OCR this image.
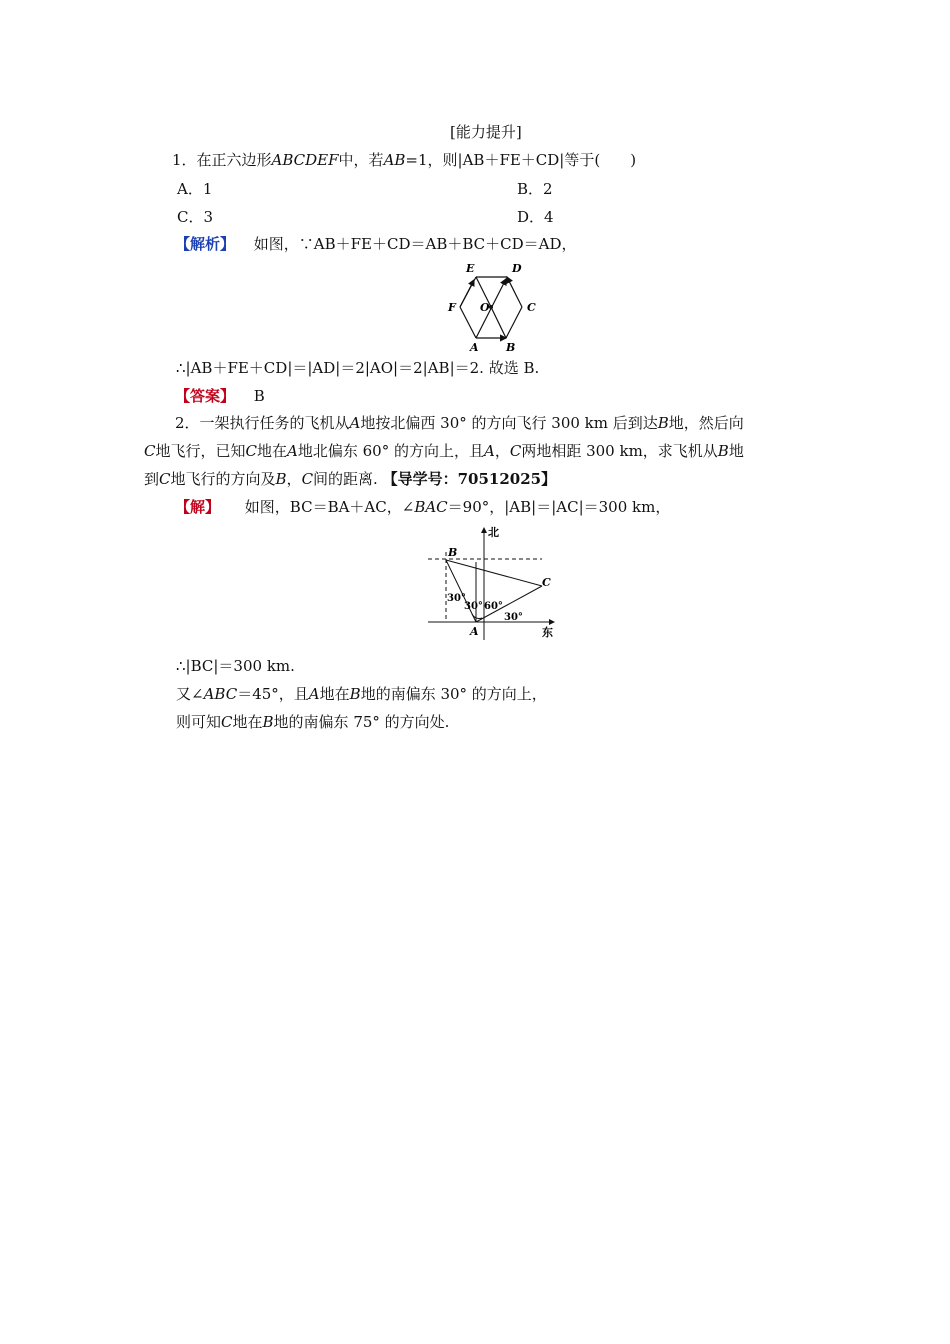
[能力提升]
1．在正六边形ABCDEF中，若AB=1，则|AB＋FE＋CD|等于(　　)
A．1	B．2
C．3	D．4
【解析】 如图，∵AB＋FE＋CD＝AB＋BC＋CD＝AD，
E	D
F O	C
A B
∴|AB＋FE＋CD|＝|AD|＝2|AO|＝2|AB|＝2. 故选 B.
【答案】 B
2．一架执行任务的飞机从A地按北偏西 30° 的方向飞行 300 km 后到达B地，然后向
C地飞行，已知C地在A地北偏东 60° 的方向上，且A，C两地相距 300 km，求飞机从B地
到C地飞行的方向及B，C间的距离. 【导学号：70512025】
【解】 如图，BC＝BA＋AC，∠BAC＝90°，|AB|＝|AC|＝300 km，
北
东
B
C
A
30°
30° 60°
30°
∴|BC|＝300 km.
又∠ABC＝45°，且A地在B地的南偏东 30° 的方向上，
则可知C地在B地的南偏东 75° 的方向处.
